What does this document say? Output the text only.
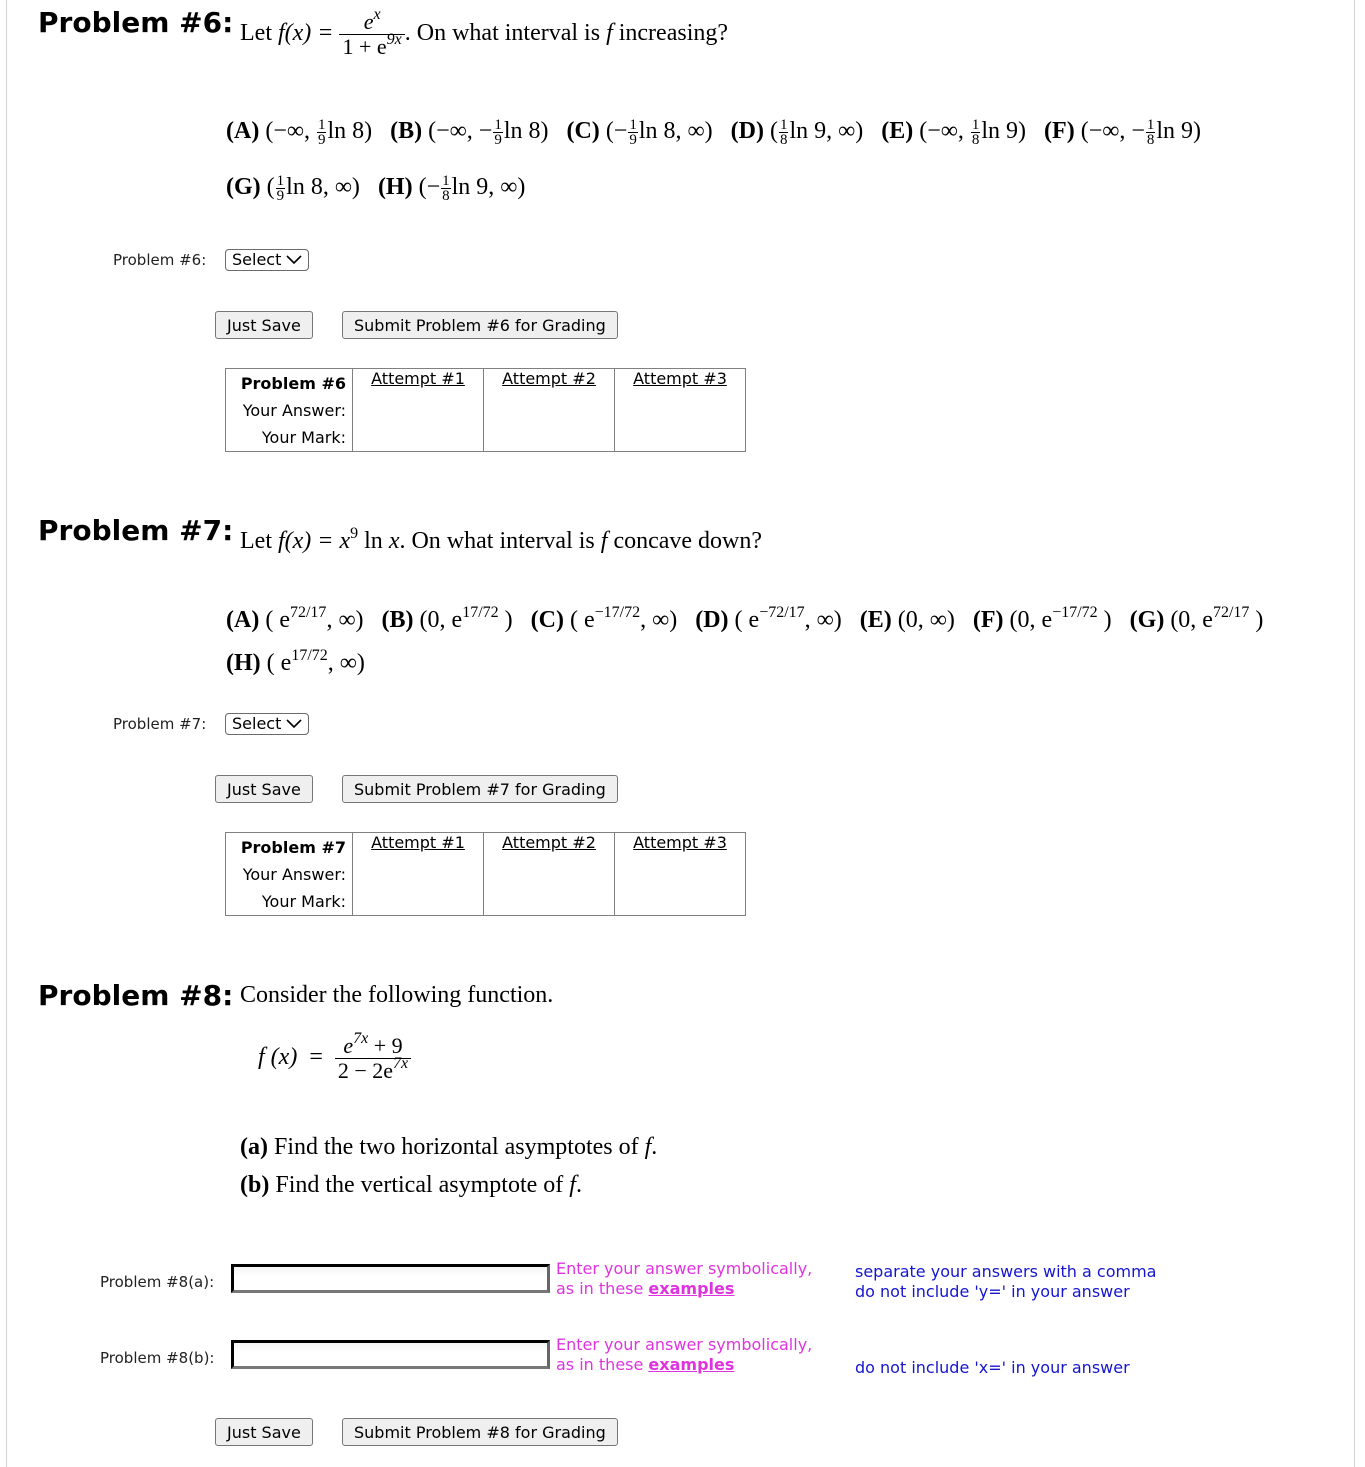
Problem #6: Let $f(x) = \frac{e^x}{1 + e^{9x}}$ . On what interval is f increasing?
(A) (−∞, $\frac{1}{9}$ ln 8) (B) (−∞, − $\frac{1}{9}$ ln 8) (C) (− $\frac{1}{9}$ ln 8, ∞) (D) ( $\frac{1}{8}$ ln 9, ∞) (E) (−∞, $\frac{1}{8}$ ln 9) (F) (−∞, − $\frac{1}{8}$ ln 9)
(G) ( $\frac{1}{9}$ ln 8, ∞) (H) (− $\frac{1}{8}$ ln 9, ∞)
Problem #6: Select
Just Save	Submit Problem #6 for Grading
Problem #6	Attempt #1	Attempt #2	Attempt #3
Your Answer:
Your Mark:
Problem #7: Let $f(x) = x^9$ ln x. On what interval is f concave down?
(A) ( $e^{72/17}$, ∞) (B) (0, $e^{17/72}$ ) (C) ( $e^{-17/72}$, ∞) (D) ( $e^{-72/17}$, ∞) (E) (0, ∞) (F) (0, $e^{-17/72}$ ) (G) (0, $e^{72/17}$ )
(H) ( $e^{17/72}$, ∞)
Problem #7: Select
Just Save	Submit Problem #7 for Grading
Problem #7	Attempt #1	Attempt #2	Attempt #3
Your Answer:
Your Mark:
Problem #8: Consider the following function.
f $(x) = \frac{e^{7x} + 9}{2 - 2e^{7x}}$
(a) Find the two horizontal asymptotes of f.
(b) Find the vertical asymptote of f.
Problem #8(a):
Enter your answer symbolically,
as in these examples
separate your answers with a comma
do not include 'y=' in your answer
Problem #8(b):
Enter your answer symbolically,
as in these examples	do not include 'x=' in your answer
Just Save	Submit Problem #8 for Grading
